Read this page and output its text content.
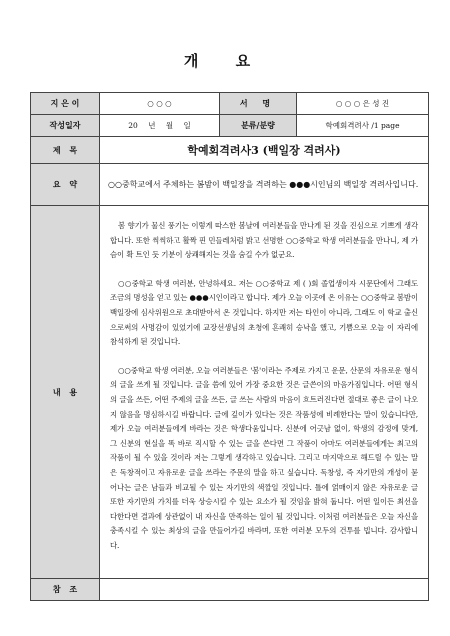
개 요
지 은 이	○ ○ ○	서 명	○ ○ ○ 은 성 진
작성일자	20 년 월 일	분류/분량	학예회격려사 /1 page
제 목	학예회격려사3 (백일장 격려사)		
요 약	○○중학교에서 주체하는 봄밤이 백일장을 격려하는 ●●●시인님의 백일장 격려사입니다.		
내 용	봄 향기가 물신 풍기는 이렇게 따스한 봄날에 여러분들을 만나게 된 것을 진심으로 기쁘게 생각합니다. 또한 씩씩하고 활짝 핀 민들레처럼 밝고 선명한 ○○중학교 학생 여러분들을 만나니, 제 가슴이 확 트인 듯 기분이 상쾌해지는 것을 숨길 수가 없군요.

○○중학교 학생 여러분, 안녕하세요. 저는 ○○중학교 제 ( )회 졸업생이자 시문단에서 그래도 조금의 명성을 얻고 있는 ●●●시인이라고 합니다. 제가 오늘 이곳에 온 이유는 ○○중학교 봄밤이 백일장에 심사위원으로 초대받아서 온 것입니다. 하지만 저는 타인이 아니라, 그래도 이 학교 출신으로써의 사명감이 있었기에 교장선생님의 초청에 흔쾌히 승낙을 했고, 기쁨으로 오늘 이 자리에 참석하게 된 것입니다.

○○중학교 학생 여러분, 오늘 여러분들은 '봄'이라는 주제로 가지고 운문, 산문의 자유로운 형식의 글을 쓰게 될 것입니다. 글을 씀에 있어 가장 중요한 것은 글쓴이의 마음가짐입니다. 어떤 형식의 글을 쓰든, 어떤 주제의 글을 쓰든, 글 쓰는 사람의 마음이 흐트러진다면 절대로 좋은 글이 나오지 않음을 명심하시길 바랍니다. 글에 깊이가 있다는 것은 작품성에 비례한다는 말이 있습니다만, 제가 오늘 여러분들에게 바라는 것은 학생다움입니다. 신분에 어긋남 없이, 학생의 감정에 맞게, 그 신분의 현실을 똑 바로 직시할 수 있는 글을 쓴다면 그 작품이 아마도 여러분들에게는 최고의 작품이 될 수 있을 것이라 저는 그렇게 생각하고 있습니다. 그리고 마지막으로 해드릴 수 있는 말은 독창적이고 자유로운 글을 쓰라는 주문의 말을 하고 싶습니다. 독창성, 즉 자기만의 개성이 묻어나는 글은 남들과 비교될 수 있는 자기만의 색깔일 것입니다. 틀에 얽매이지 않은 자유로운 글 또한 자기만의 가치를 더욱 상승시킬 수 있는 요소가 될 것임을 밝혀 둡니다. 어떤 일이든 최선을 다한다면 결과에 상관없이 내 자신을 만족하는 일이 될 것입니다. 이처럼 여러분들은 오늘 자신을 충족시킬 수 있는 최상의 글을 만들어가길 바라며, 또한 여러분 모두의 건투를 빕니다. 감사합니다.		

참 조			
